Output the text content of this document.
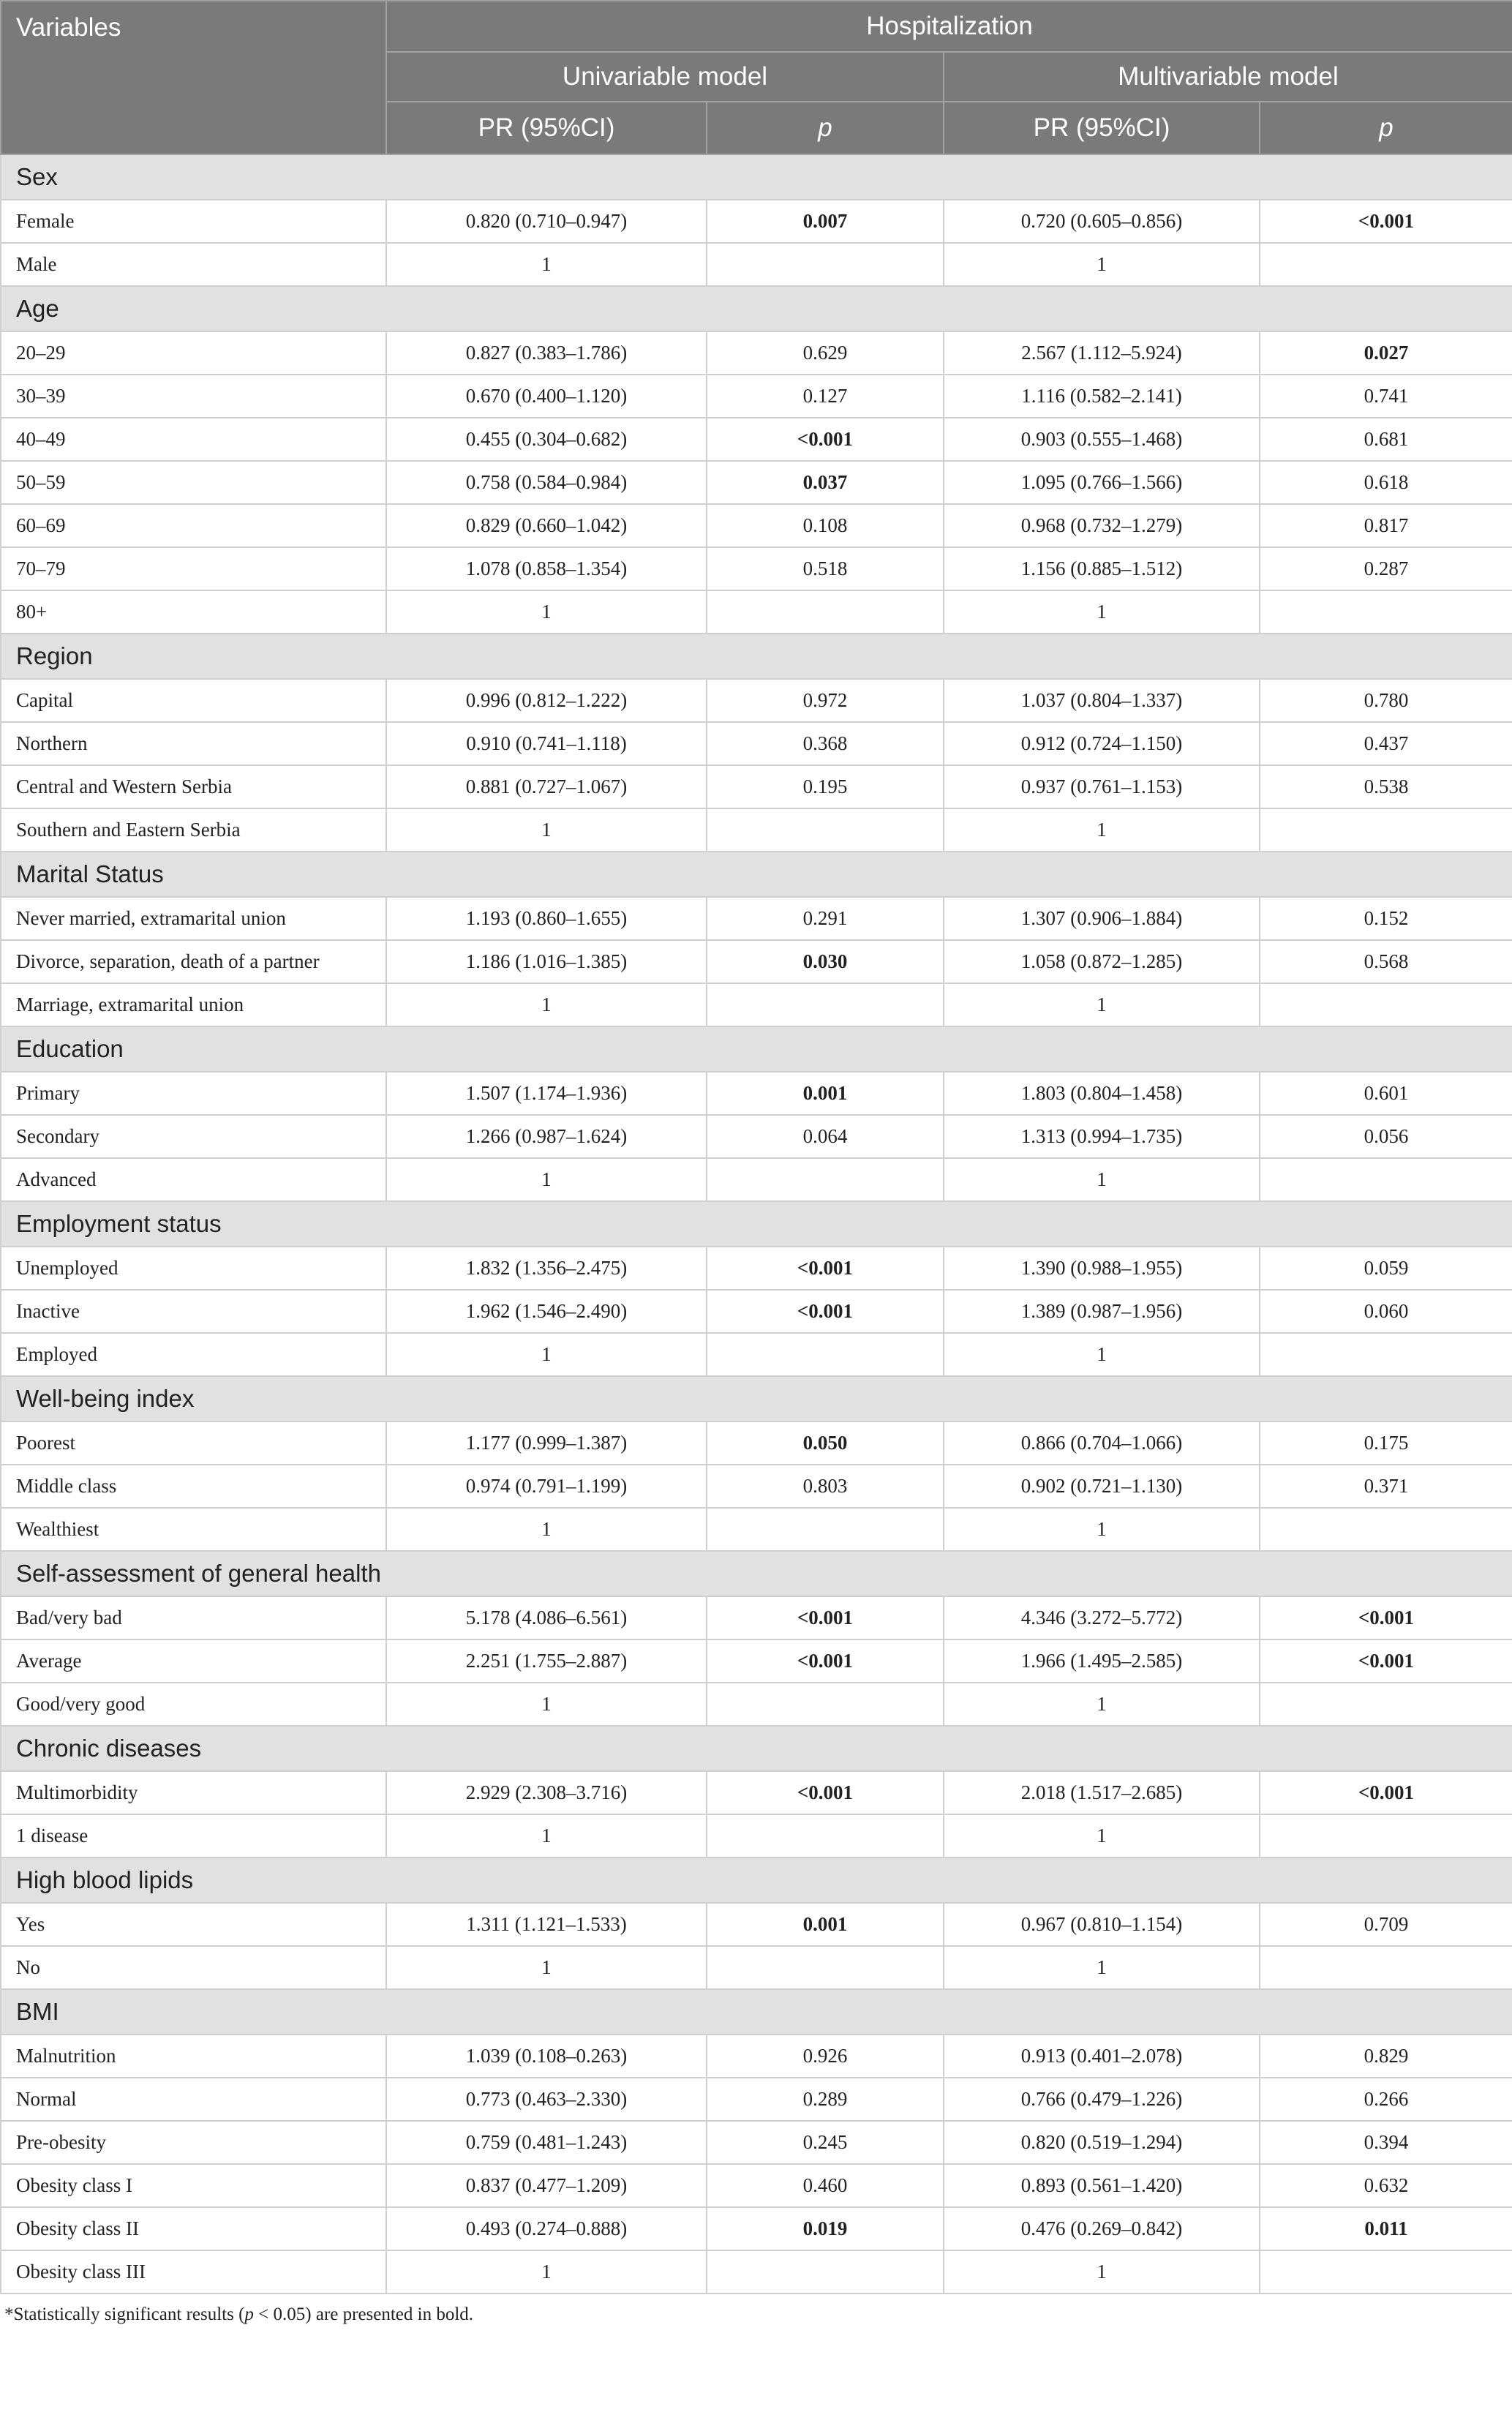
Variables	Hospitalization			
	Univariable model		Multivariable model	
	PR (95%CI)	p	PR (95%CI)	p
Sex				
Female	0.820 (0.710–0.947)	0.007	0.720 (0.605–0.856)	<0.001
Male	1		1	
Age				
20–29	0.827 (0.383–1.786)	0.629	2.567 (1.112–5.924)	0.027
30–39	0.670 (0.400–1.120)	0.127	1.116 (0.582–2.141)	0.741
40–49	0.455 (0.304–0.682)	<0.001	0.903 (0.555–1.468)	0.681
50–59	0.758 (0.584–0.984)	0.037	1.095 (0.766–1.566)	0.618
60–69	0.829 (0.660–1.042)	0.108	0.968 (0.732–1.279)	0.817
70–79	1.078 (0.858–1.354)	0.518	1.156 (0.885–1.512)	0.287
80+	1		1	
Region				
Capital	0.996 (0.812–1.222)	0.972	1.037 (0.804–1.337)	0.780
Northern	0.910 (0.741–1.118)	0.368	0.912 (0.724–1.150)	0.437
Central and Western Serbia	0.881 (0.727–1.067)	0.195	0.937 (0.761–1.153)	0.538
Southern and Eastern Serbia	1		1	
Marital Status				
Never married, extramarital union	1.193 (0.860–1.655)	0.291	1.307 (0.906–1.884)	0.152
Divorce, separation, death of a partner	1.186 (1.016–1.385)	0.030	1.058 (0.872–1.285)	0.568
Marriage, extramarital union	1		1	
Education				
Primary	1.507 (1.174–1.936)	0.001	1.803 (0.804–1.458)	0.601
Secondary	1.266 (0.987–1.624)	0.064	1.313 (0.994–1.735)	0.056
Advanced	1		1	
Employment status				
Unemployed	1.832 (1.356–2.475)	<0.001	1.390 (0.988–1.955)	0.059
Inactive	1.962 (1.546–2.490)	<0.001	1.389 (0.987–1.956)	0.060
Employed	1		1	
Well-being index				
Poorest	1.177 (0.999–1.387)	0.050	0.866 (0.704–1.066)	0.175
Middle class	0.974 (0.791–1.199)	0.803	0.902 (0.721–1.130)	0.371
Wealthiest	1		1	
Self-assessment of general health				
Bad/very bad	5.178 (4.086–6.561)	<0.001	4.346 (3.272–5.772)	<0.001
Average	2.251 (1.755–2.887)	<0.001	1.966 (1.495–2.585)	<0.001
Good/very good	1		1	
Chronic diseases				
Multimorbidity	2.929 (2.308–3.716)	<0.001	2.018 (1.517–2.685)	<0.001
1 disease	1		1	
High blood lipids				
Yes	1.311 (1.121–1.533)	0.001	0.967 (0.810–1.154)	0.709
No	1		1	
BMI				
Malnutrition	1.039 (0.108–0.263)	0.926	0.913 (0.401–2.078)	0.829
Normal	0.773 (0.463–2.330)	0.289	0.766 (0.479–1.226)	0.266
Pre-obesity	0.759 (0.481–1.243)	0.245	0.820 (0.519–1.294)	0.394
Obesity class I	0.837 (0.477–1.209)	0.460	0.893 (0.561–1.420)	0.632
Obesity class II	0.493 (0.274–0.888)	0.019	0.476 (0.269–0.842)	0.011
Obesity class III	1		1	
*Statistically significant results (p < 0.05) are presented in bold.
